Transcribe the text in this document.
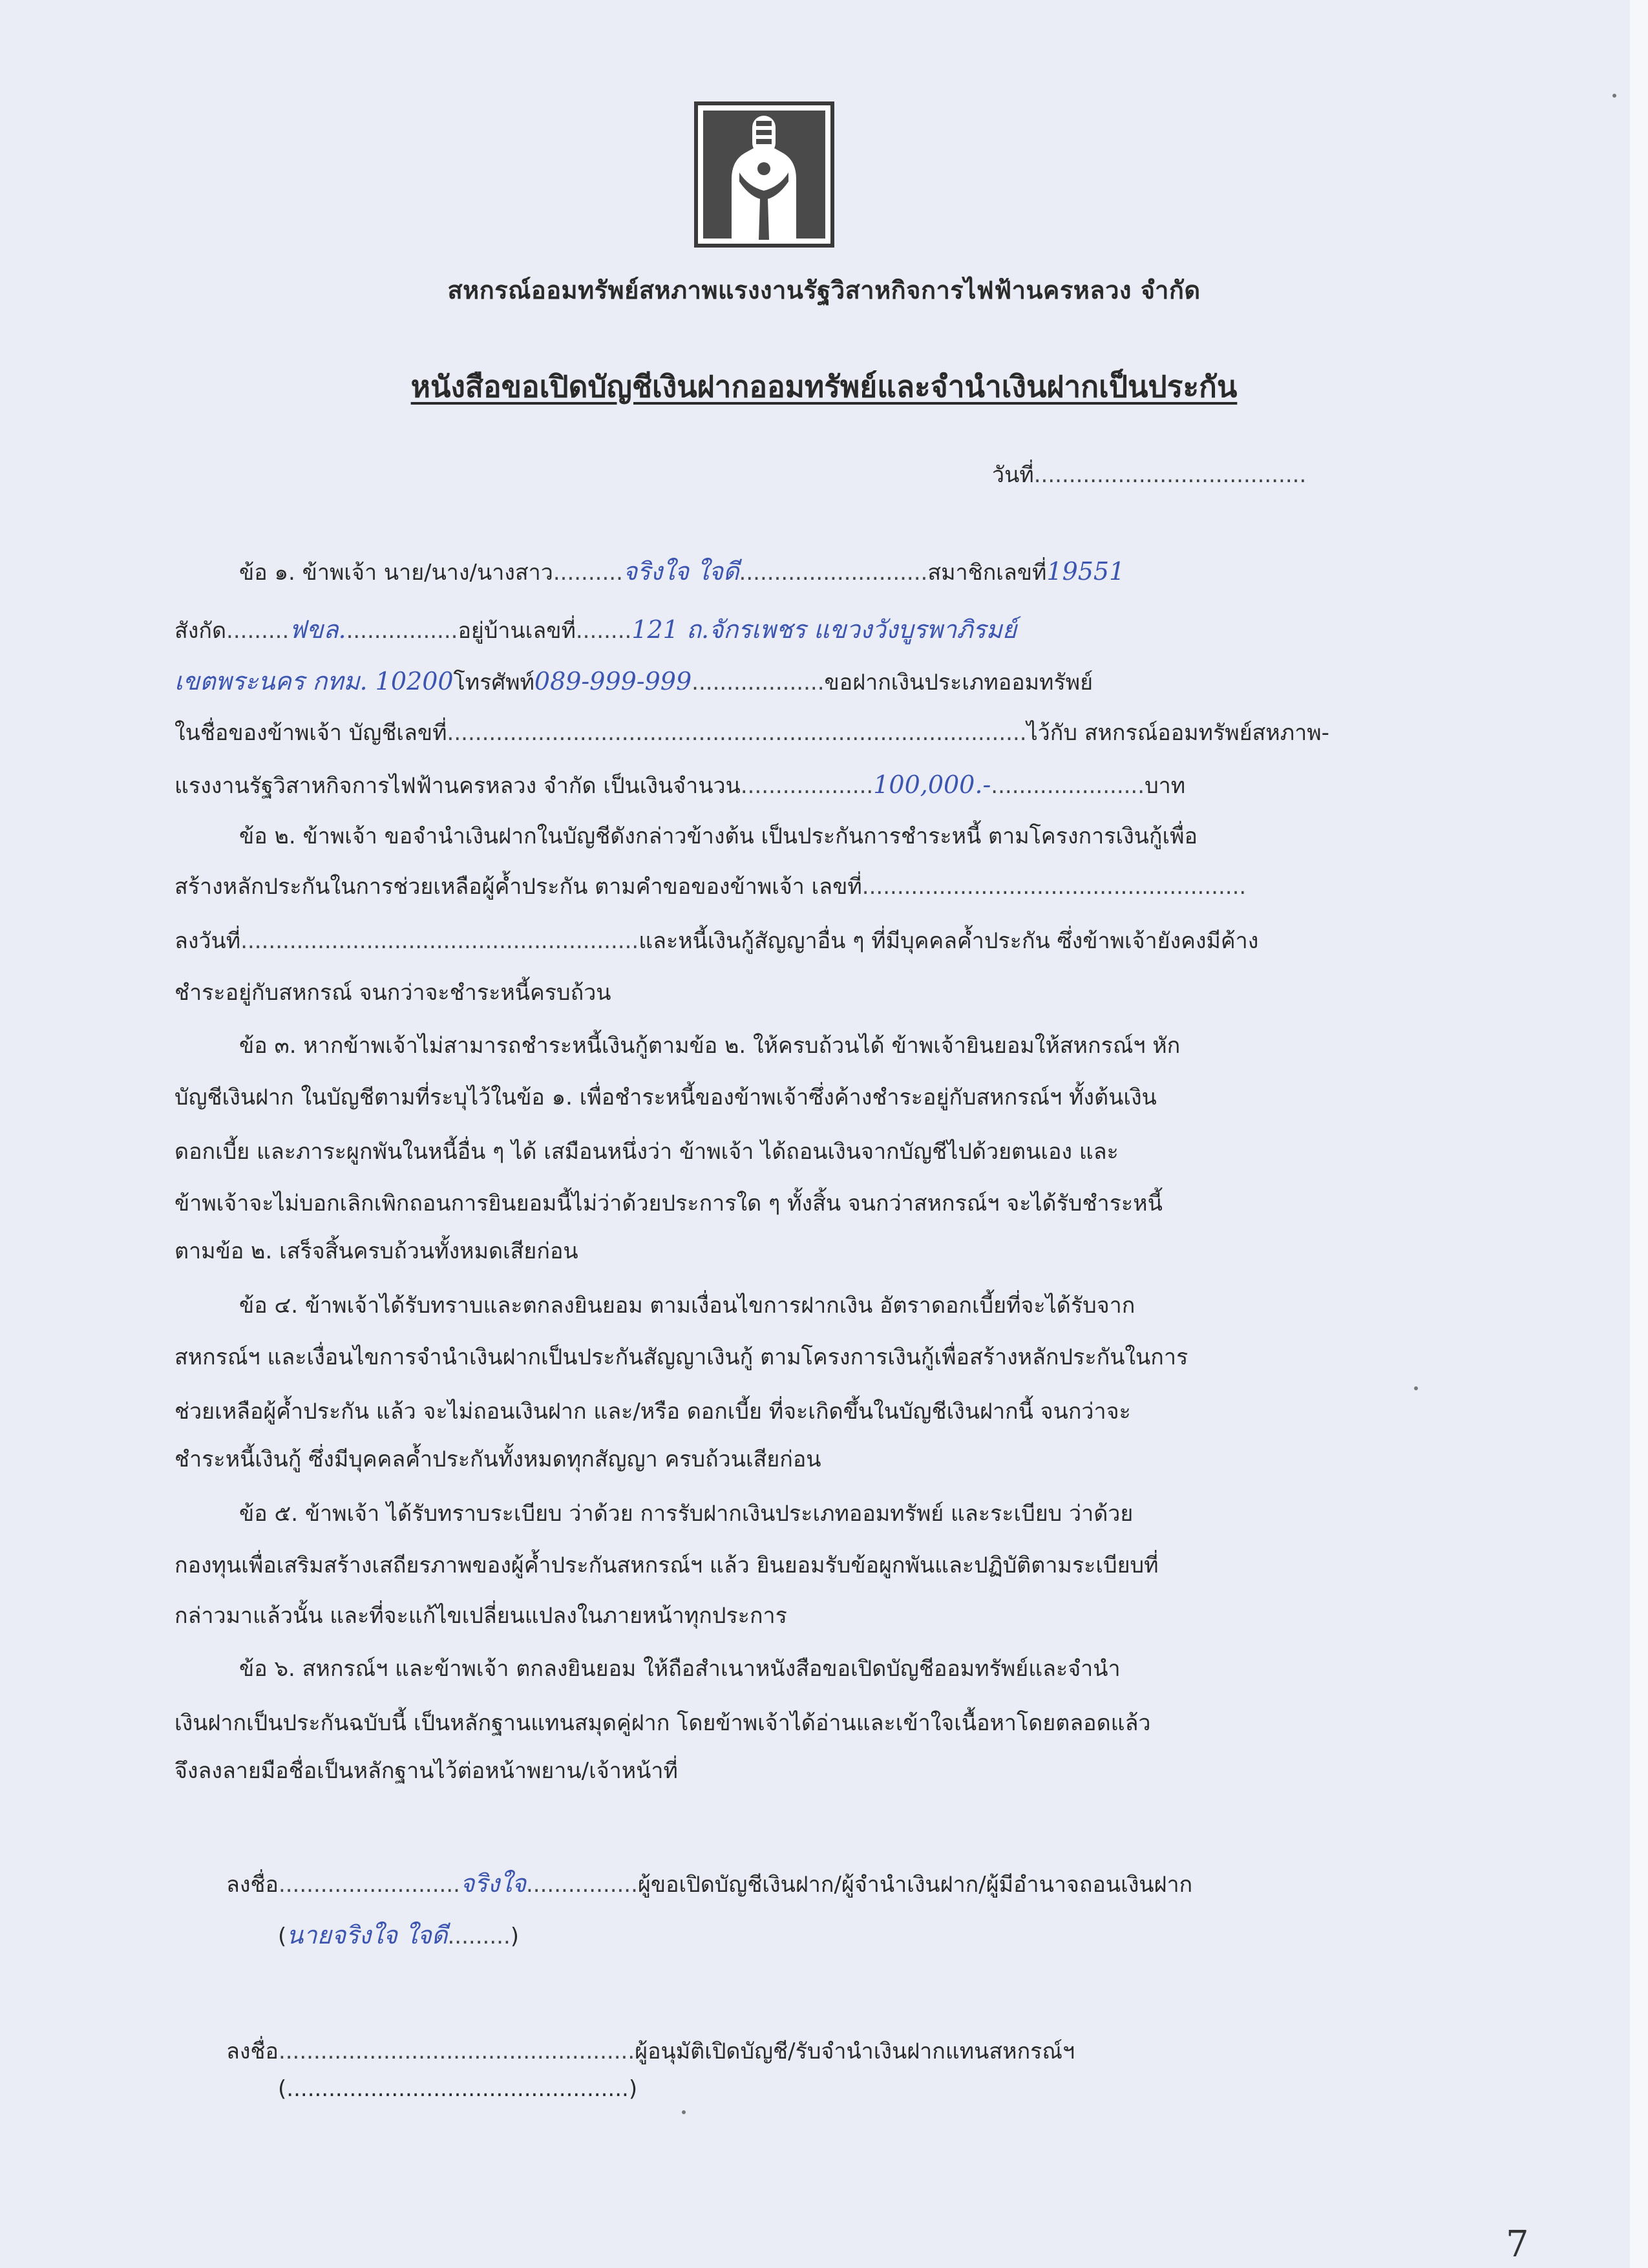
สหกรณ์ออมทรัพย์สหภาพแรงงานรัฐวิสาหกิจการไฟฟ้านครหลวง จำกัด
หนังสือขอเปิดบัญชีเงินฝากออมทรัพย์และจำนำเงินฝากเป็นประกัน
วันที่.......................................
ข้อ ๑. ข้าพเจ้า นาย/นาง/นางสาว..........จริงใจ ใจดี...........................สมาชิกเลขที่19551
สังกัด.........ฟขล.................อยู่บ้านเลขที่........121 ถ.จักรเพชร แขวงวังบูรพาภิรมย์
เขตพระนคร กทม. 10200โทรศัพท์089-999-999...................ขอฝากเงินประเภทออมทรัพย์
ในชื่อของข้าพเจ้า บัญชีเลขที่...................................................................................ไว้กับ สหกรณ์ออมทรัพย์สหภาพ-
แรงงานรัฐวิสาหกิจการไฟฟ้านครหลวง จำกัด เป็นเงินจำนวน...................100,000.-......................บาท
ข้อ ๒. ข้าพเจ้า ขอจำนำเงินฝากในบัญชีดังกล่าวข้างต้น เป็นประกันการชำระหนี้ ตามโครงการเงินกู้เพื่อ
สร้างหลักประกันในการช่วยเหลือผู้ค้ำประกัน ตามคำขอของข้าพเจ้า เลขที่.......................................................
ลงวันที่.........................................................และหนี้เงินกู้สัญญาอื่น ๆ ที่มีบุคคลค้ำประกัน ซึ่งข้าพเจ้ายังคงมีค้าง
ชำระอยู่กับสหกรณ์ จนกว่าจะชำระหนี้ครบถ้วน
ข้อ ๓. หากข้าพเจ้าไม่สามารถชำระหนี้เงินกู้ตามข้อ ๒. ให้ครบถ้วนได้ ข้าพเจ้ายินยอมให้สหกรณ์ฯ หัก
บัญชีเงินฝาก ในบัญชีตามที่ระบุไว้ในข้อ ๑. เพื่อชำระหนี้ของข้าพเจ้าซึ่งค้างชำระอยู่กับสหกรณ์ฯ ทั้งต้นเงิน
ดอกเบี้ย และภาระผูกพันในหนี้อื่น ๆ ได้ เสมือนหนึ่งว่า ข้าพเจ้า ได้ถอนเงินจากบัญชีไปด้วยตนเอง และ
ข้าพเจ้าจะไม่บอกเลิกเพิกถอนการยินยอมนี้ไม่ว่าด้วยประการใด ๆ ทั้งสิ้น จนกว่าสหกรณ์ฯ จะได้รับชำระหนี้
ตามข้อ ๒. เสร็จสิ้นครบถ้วนทั้งหมดเสียก่อน
ข้อ ๔. ข้าพเจ้าได้รับทราบและตกลงยินยอม ตามเงื่อนไขการฝากเงิน อัตราดอกเบี้ยที่จะได้รับจาก
สหกรณ์ฯ และเงื่อนไขการจำนำเงินฝากเป็นประกันสัญญาเงินกู้ ตามโครงการเงินกู้เพื่อสร้างหลักประกันในการ
ช่วยเหลือผู้ค้ำประกัน แล้ว จะไม่ถอนเงินฝาก และ/หรือ ดอกเบี้ย ที่จะเกิดขึ้นในบัญชีเงินฝากนี้ จนกว่าจะ
ชำระหนี้เงินกู้ ซึ่งมีบุคคลค้ำประกันทั้งหมดทุกสัญญา ครบถ้วนเสียก่อน
ข้อ ๕. ข้าพเจ้า ได้รับทราบระเบียบ ว่าด้วย การรับฝากเงินประเภทออมทรัพย์ และระเบียบ ว่าด้วย
กองทุนเพื่อเสริมสร้างเสถียรภาพของผู้ค้ำประกันสหกรณ์ฯ แล้ว ยินยอมรับข้อผูกพันและปฏิบัติตามระเบียบที่
กล่าวมาแล้วนั้น และที่จะแก้ไขเปลี่ยนแปลงในภายหน้าทุกประการ
ข้อ ๖. สหกรณ์ฯ และข้าพเจ้า ตกลงยินยอม ให้ถือสำเนาหนังสือขอเปิดบัญชีออมทรัพย์และจำนำ
เงินฝากเป็นประกันฉบับนี้ เป็นหลักฐานแทนสมุดคู่ฝาก โดยข้าพเจ้าได้อ่านและเข้าใจเนื้อหาโดยตลอดแล้ว
จึงลงลายมือชื่อเป็นหลักฐานไว้ต่อหน้าพยาน/เจ้าหน้าที่
ลงชื่อ..........................จริงใจ................ผู้ขอเปิดบัญชีเงินฝาก/ผู้จำนำเงินฝาก/ผู้มีอำนาจถอนเงินฝาก
(นายจริงใจ ใจดี.........)
ลงชื่อ...................................................ผู้อนุมัติเปิดบัญชี/รับจำนำเงินฝากแทนสหกรณ์ฯ
(.................................................)
7
